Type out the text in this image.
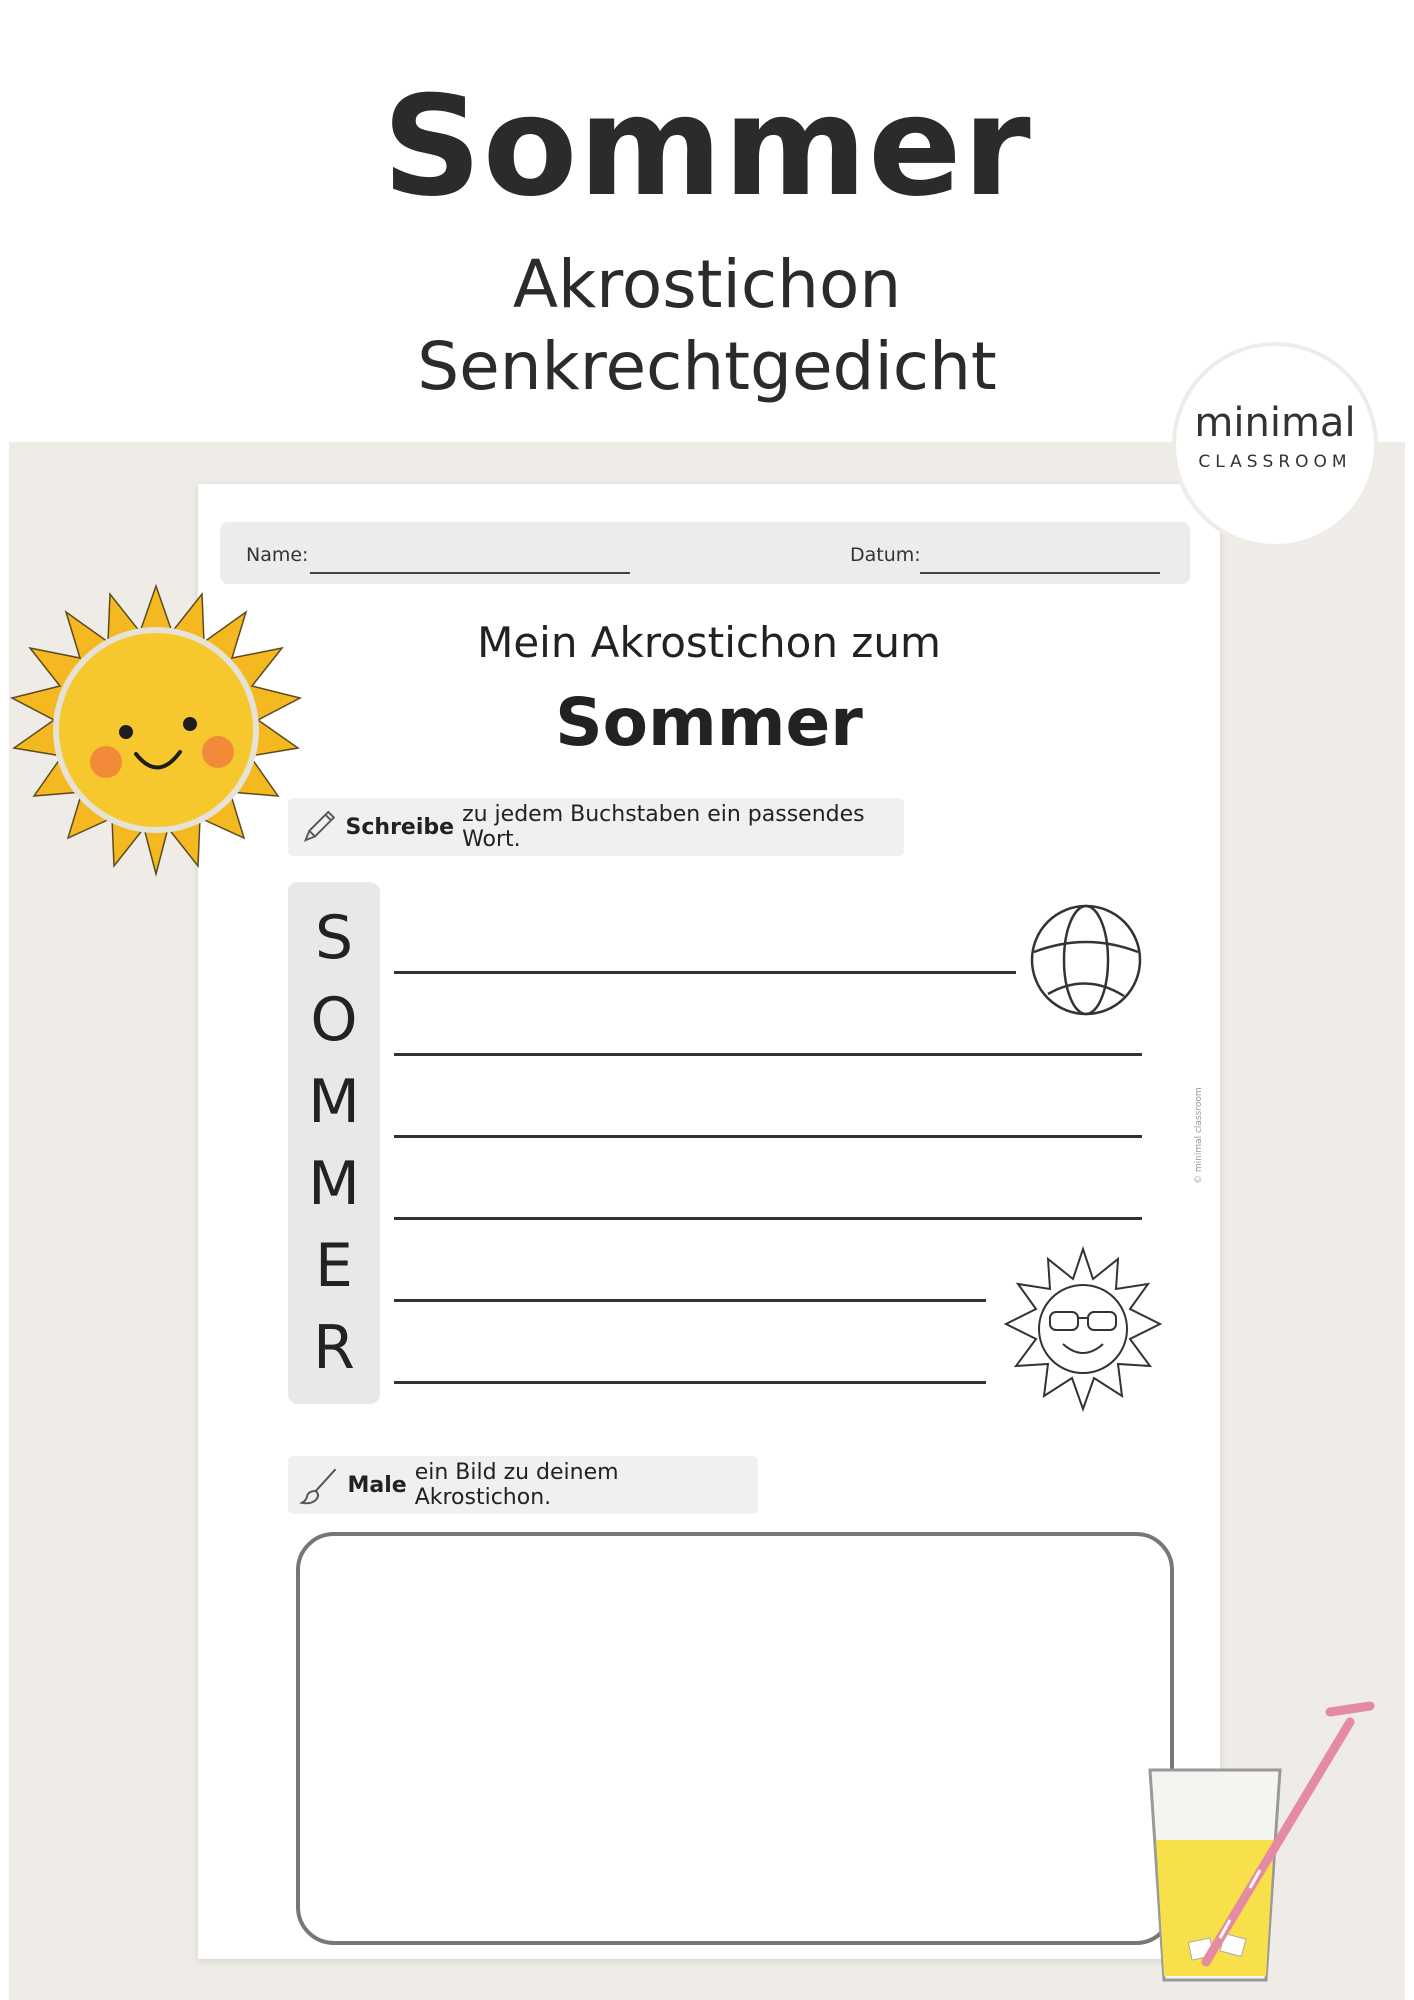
Sommer
Akrostichon
Senkrechtgedicht
Name:	Datum:
Mein Akrostichon zum
Sommer
Schreibe zu jedem Buchstaben ein passendes Wort.
S
O
M
M
E
R
Male ein Bild zu deinem Akrostichon.
© minimal classroom
minimal
CLASSROOM
